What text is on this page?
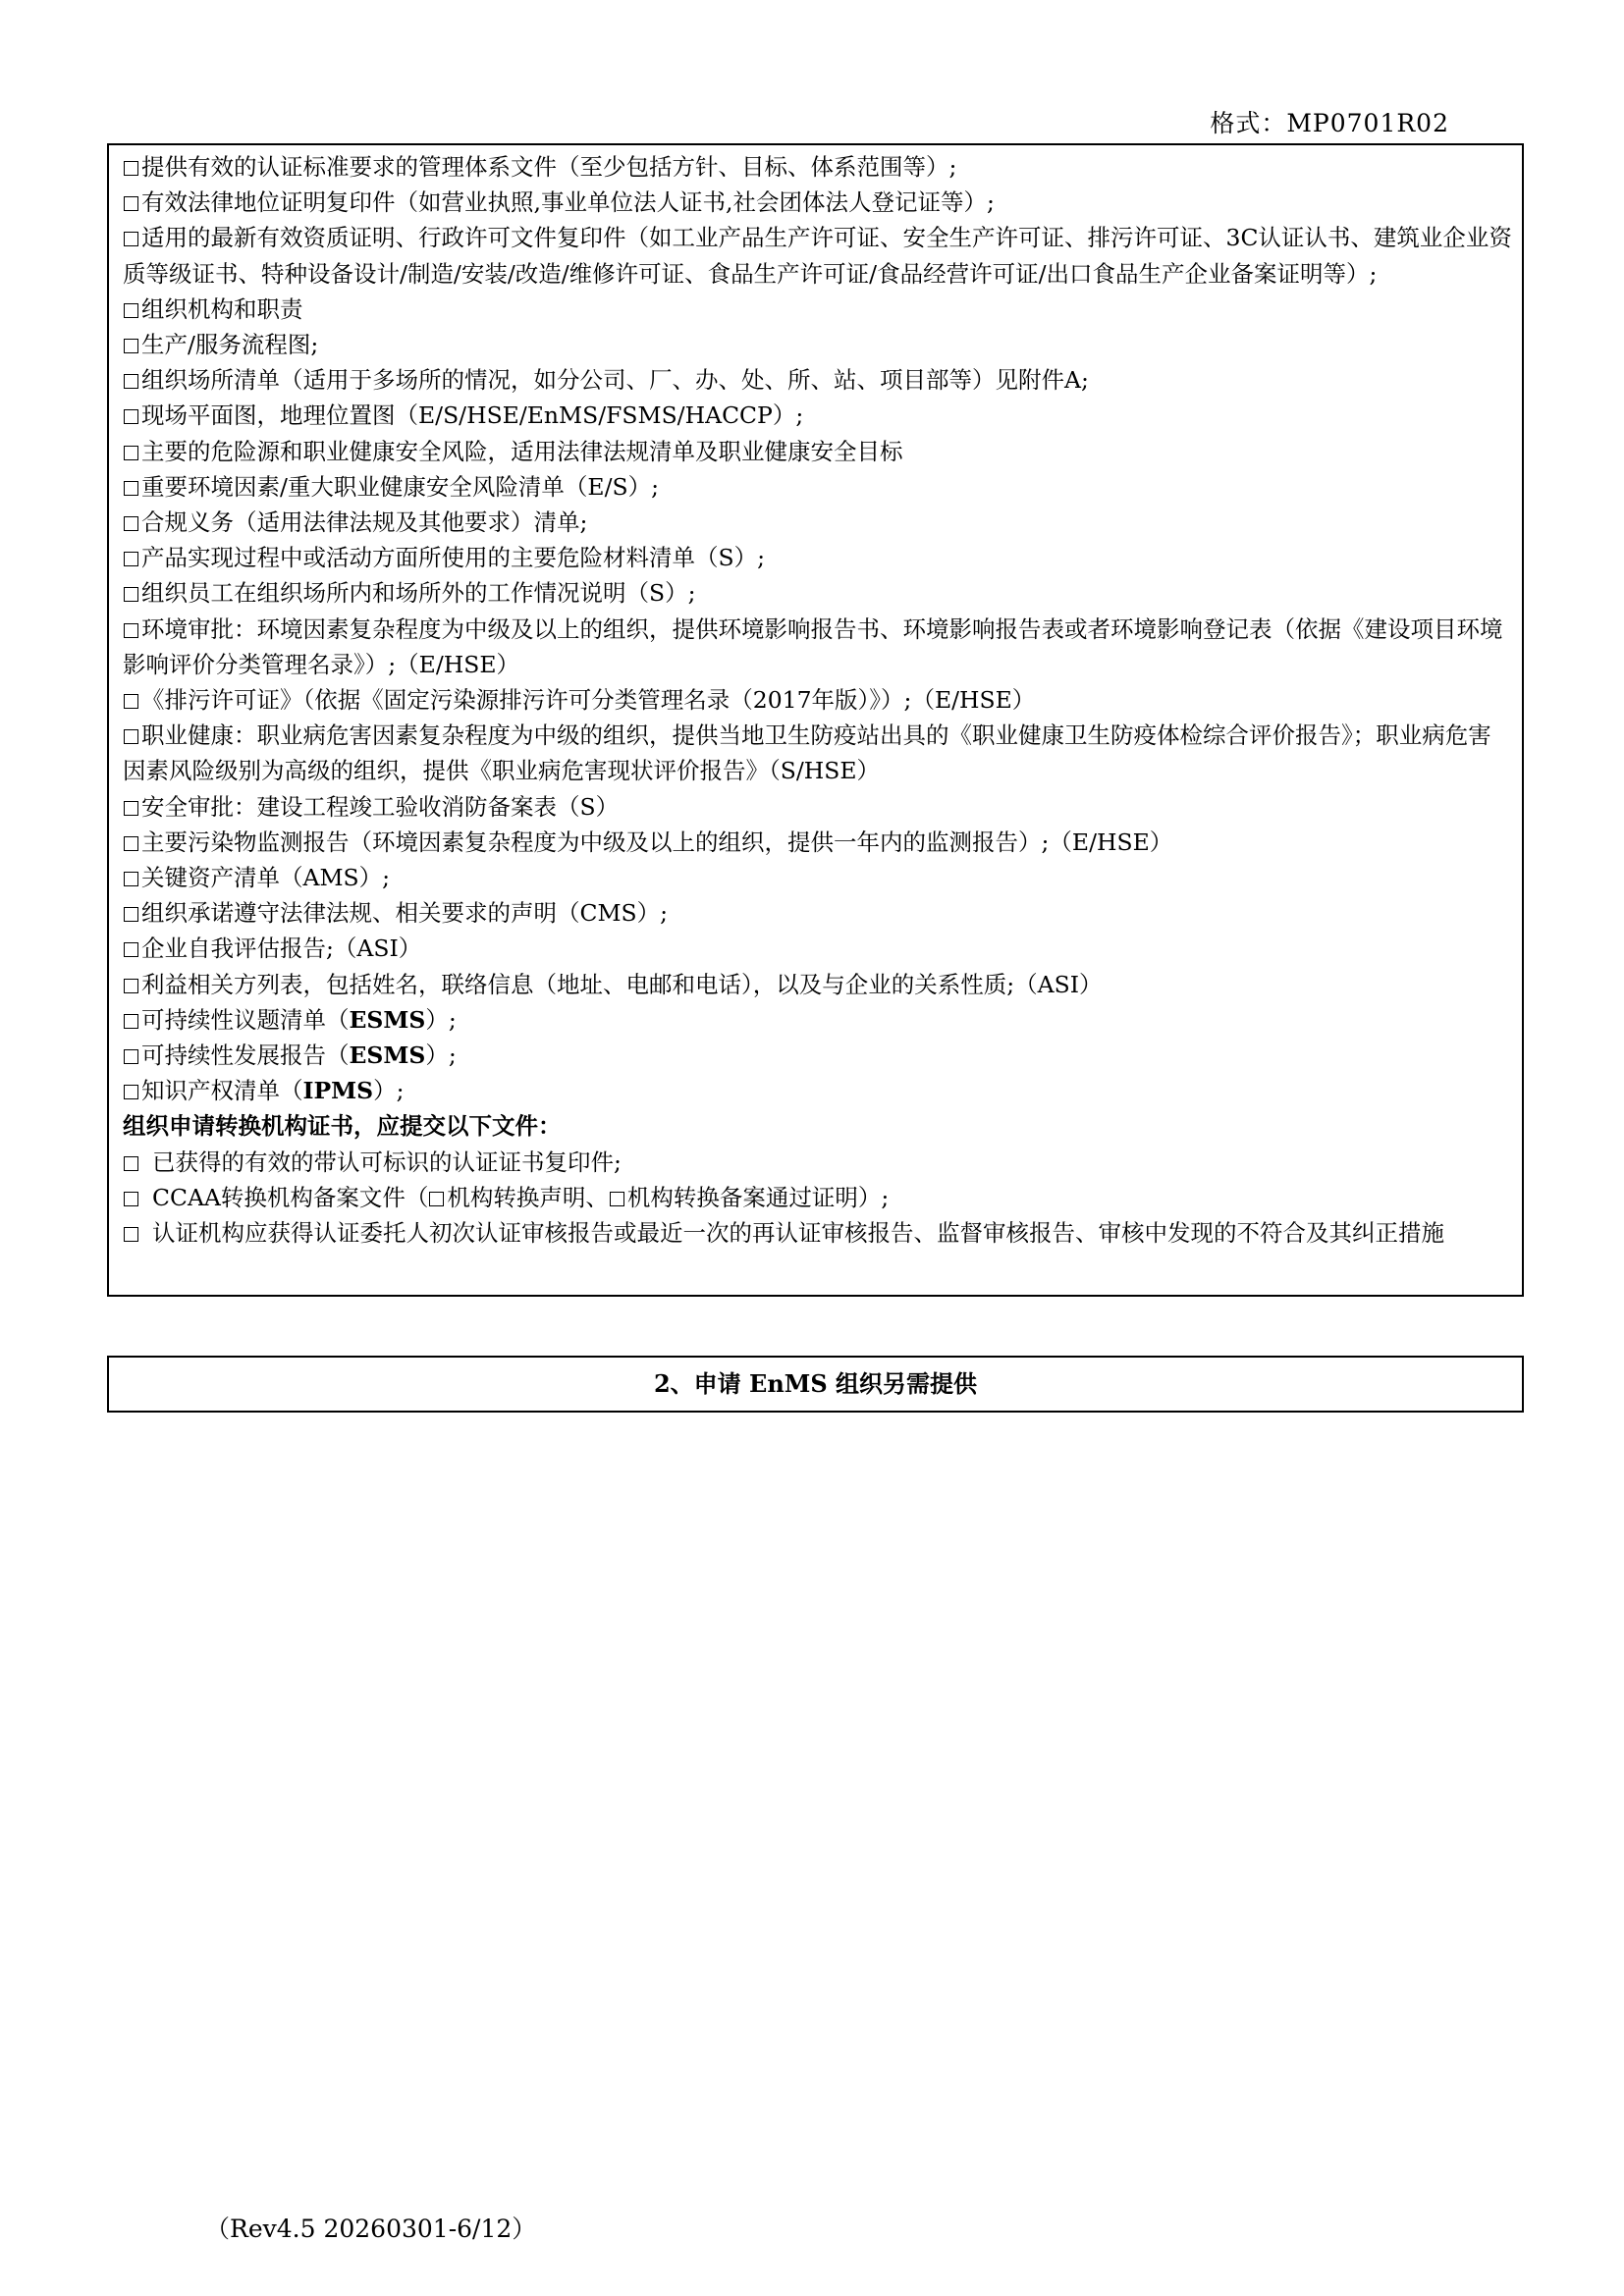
格式：MP0701R02
提供有效的认证标准要求的管理体系文件（至少包括方针、目标、体系范围等）;
有效法律地位证明复印件（如营业执照,事业单位法人证书,社会团体法人登记证等）;
适用的最新有效资质证明、行政许可文件复印件（如工业产品生产许可证、安全生产许可证、排污许可证、3C认证认书、建筑业企业资质等级证书、特种设备设计/制造/安装/改造/维修许可证、食品生产许可证/食品经营许可证/出口食品生产企业备案证明等）;
组织机构和职责
生产/服务流程图;
组织场所清单（适用于多场所的情况，如分公司、厂、办、处、所、站、项目部等）见附件A;
现场平面图，地理位置图（E/S/HSE/EnMS/FSMS/HACCP）;
主要的危险源和职业健康安全风险，适用法律法规清单及职业健康安全目标
重要环境因素/重大职业健康安全风险清单（E/S）;
合规义务（适用法律法规及其他要求）清单;
产品实现过程中或活动方面所使用的主要危险材料清单（S）;
组织员工在组织场所内和场所外的工作情况说明（S）;
环境审批：环境因素复杂程度为中级及以上的组织，提供环境影响报告书、环境影响报告表或者环境影响登记表（依据《建设项目环境影响评价分类管理名录》）;（E/HSE）
《排污许可证》（依据《固定污染源排污许可分类管理名录（2017年版）》）;（E/HSE）
职业健康：职业病危害因素复杂程度为中级的组织，提供当地卫生防疫站出具的《职业健康卫生防疫体检综合评价报告》；职业病危害因素风险级别为高级的组织，提供《职业病危害现状评价报告》（S/HSE）
安全审批：建设工程竣工验收消防备案表（S）
主要污染物监测报告（环境因素复杂程度为中级及以上的组织，提供一年内的监测报告）;（E/HSE）
关键资产清单（AMS）;
组织承诺遵守法律法规、相关要求的声明（CMS）;
企业自我评估报告;（ASI）
利益相关方列表，包括姓名，联络信息（地址、电邮和电话），以及与企业的关系性质;（ASI）
可持续性议题清单（ESMS）;
可持续性发展报告（ESMS）;
知识产权清单（IPMS）;
组织申请转换机构证书，应提交以下文件：
已获得的有效的带认可标识的认证证书复印件;
CCAA转换机构备案文件（ 机构转换声明、 机构转换备案通过证明）;
认证机构应获得认证委托人初次认证审核报告或最近一次的再认证审核报告、监督审核报告、审核中发现的不符合及其纠正措施
2、申请 EnMS 组织另需提供
（Rev4.5 20260301-6/12）
